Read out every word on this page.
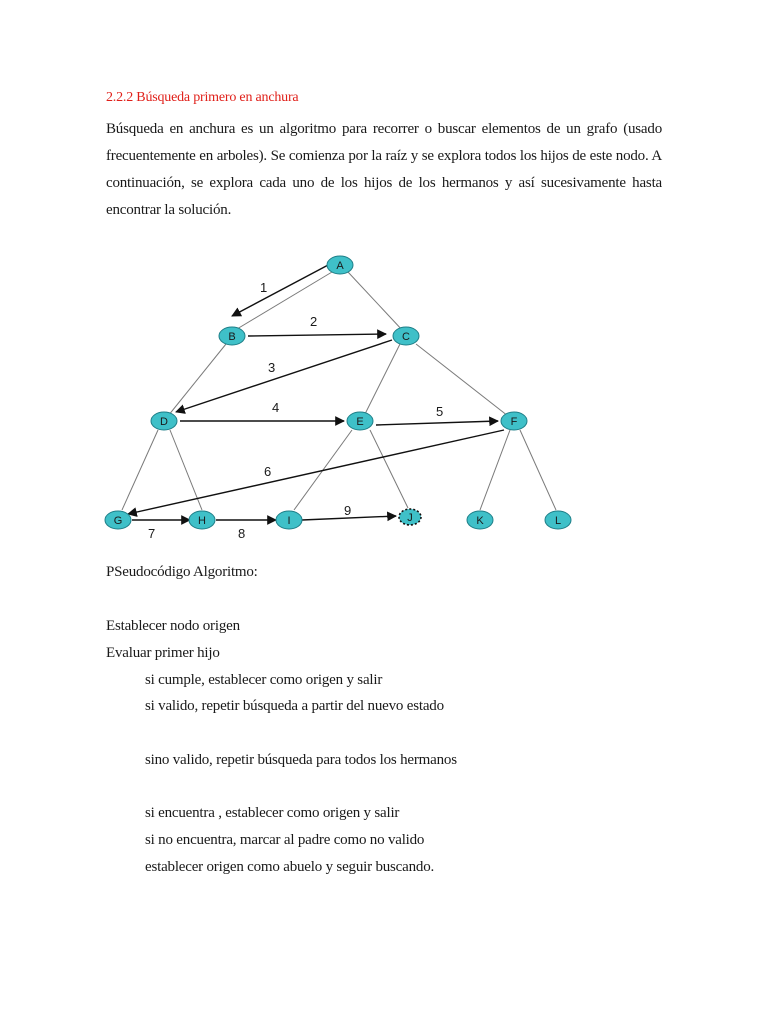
2.2.2 Búsqueda primero en anchura

Búsqueda en anchura es un algoritmo para recorrer o buscar elementos de un grafo (usado frecuentemente en arboles). Se comienza por la raíz y se explora todos los hijos de este nodo. A continuación, se explora cada uno de los hijos de los hermanos y así sucesivamente hasta encontrar la solución.

1
2
3
4	5
6
7	8
9
A
B	C
D	E	F
G	H	I	J	K	L

PSeudocódigo Algoritmo:

Establecer nodo origen

Evaluar primer hijo

si cumple, establecer como origen y salir

si valido, repetir búsqueda a partir del nuevo estado

sino valido, repetir búsqueda para todos los hermanos

si encuentra , establecer como origen y salir

si no encuentra, marcar al padre como no valido

establecer origen como abuelo y seguir buscando.
